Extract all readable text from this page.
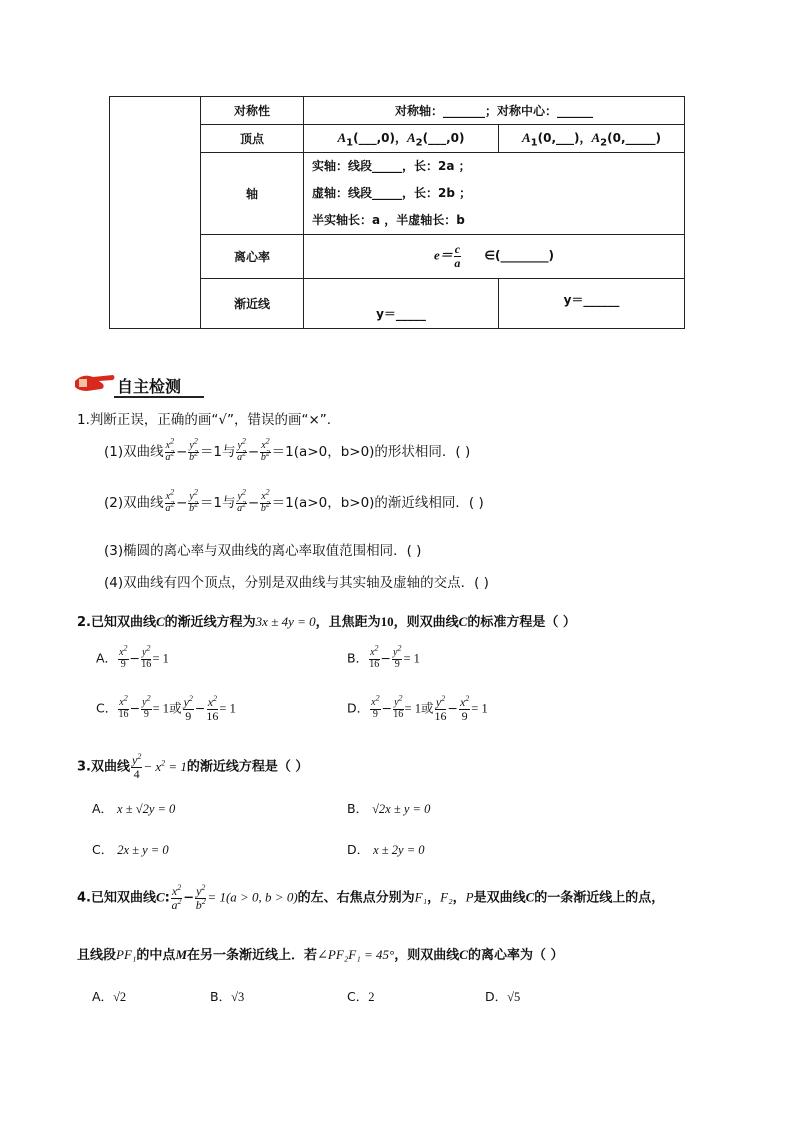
	对称性	对称轴：_______；对称中心：______	
	顶点	$A_1(\_\_\_,0)$，$A_2(\_\_\_,0)$	$A_1(0,\_\_\_)$，$A_2(0,\_\_\_\_\_)$
	轴	实轴：线段_____，长：2a ；
虚轴：线段_____，长：2b ；
半实轴长：a ，半虚轴长：b	

	离心率	$e= \frac{c}{a}$ ∈(________)	
	渐近线	y＝_____	y＝______
自主检测
1.判断正误，正确的画“√”，错误的画“×”.
(1)双曲线 $\frac{x^2}{a^2} - \frac{y^2}{b^2} =1$与 $\frac{y^2}{a^2} - \frac{x^2}{b^2} =1(a>0$，b>0)的形状相同．( )
(2)双曲线 $\frac{x^2}{a^2} - \frac{y^2}{b^2} =1$与 $\frac{y^2}{a^2} - \frac{x^2}{b^2} =1(a>0$，b>0)的渐近线相同．( )
(3)椭圆的离心率与双曲线的离心率取值范围相同．( )
(4)双曲线有四个顶点，分别是双曲线与其实轴及虚轴的交点．( )
2.已知双曲线C的渐近线方程为3x ± 4y = 0，且焦距为10，则双曲线C的标准方程是（ ）
A． $\frac{x^2}{9} - \frac{y^2}{16} = 1$	B． $\frac{x^2}{16} - \frac{y^2}{9} = 1$
C． $\frac{x^2}{16} - \frac{y^2}{9} = 1$或 $\frac{y^2}{9} - \frac{x^2}{16} = 1$	D． $\frac{x^2}{9} - \frac{y^2}{16} = 1$或 $\frac{y^2}{16} - \frac{x^2}{9} = 1$
3.双曲线 $\frac{y^2}{4} - x^2 = 1$的渐近线方程是（ ）
A． x ± √2y = 0	B． √2x ± y = 0
C． 2x ± y = 0	D． x ± 2y = 0
4.已知双曲线C: $\frac{x^2}{a^2} - \frac{y^2}{b^2} = 1(a > 0$, b > 0)的左、右焦点分别为F₁，F₂，P是双曲线C的一条渐近线上的点，
且线段PF₁的中点M在另一条渐近线上．若∠PF₂F₁ = 45°，则双曲线C的离心率为（ ）
A．√2	B．√3	C．2	D．√5
